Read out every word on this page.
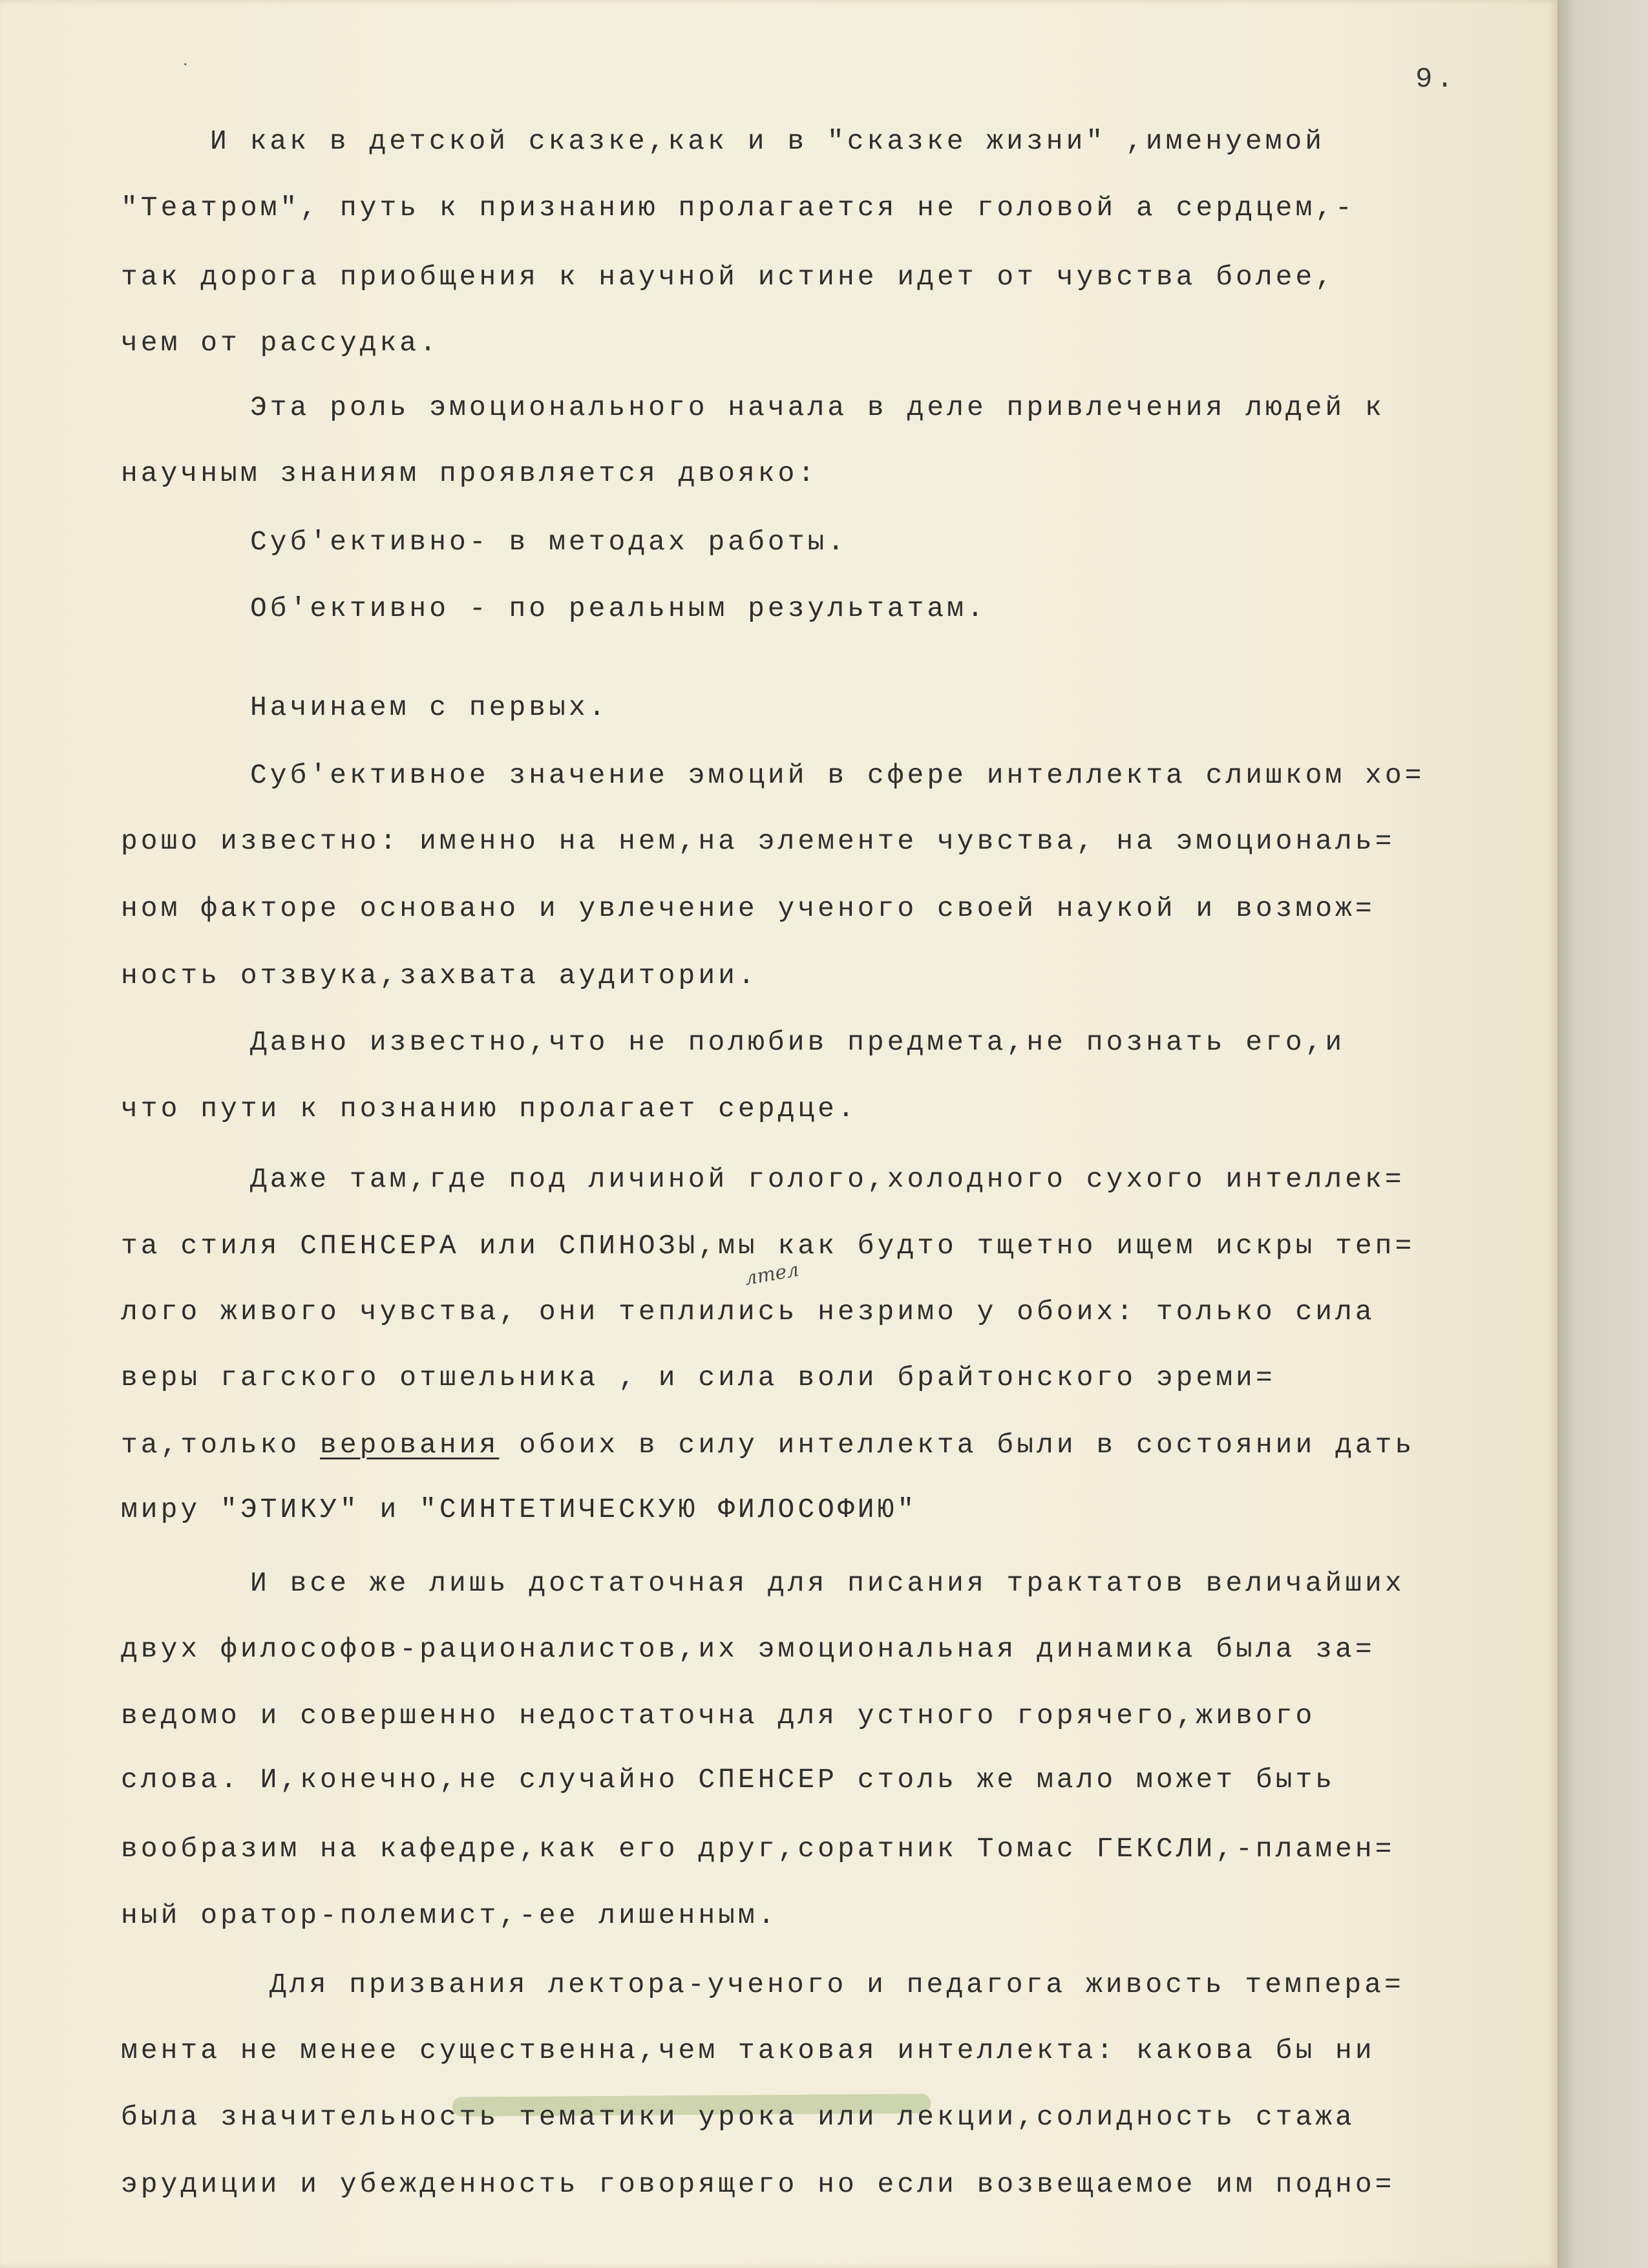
9.

И как в детской сказке,как и в "сказке жизни" ,именуемой

"Театром", путь к признанию пролагается не головой а сердцем,-

так дорога приобщения к научной истине идет от чувства более,

чем от рассудка.

Эта роль эмоционального начала в деле привлечения людей к

научным знаниям проявляется двояко:

Суб'ективно- в методах работы.

Об'ективно - по реальным результатам.

Начинаем с первых.

Суб'ективное значение эмоций в сфере интеллекта слишком хо=

рошо известно: именно на нем,на элементе чувства, на эмоциональ=

ном факторе основано и увлечение ученого своей наукой и возмож=

ность отзвука,захвата аудитории.

Давно известно,что не полюбив предмета,не познать его,и

что пути к познанию пролагает сердце.

Даже там,где под личиной голого,холодного сухого интеллек=

та стиля СПЕНСЕРА или СПИНОЗЫ,мы как будто тщетно ищем искры теп=

лтел

лого живого чувства, они теплились незримо у обоих: только сила

веры гагского отшельника , и сила воли брайтонского эреми=

та,только верования обоих в силу интеллекта были в состоянии дать

миру "ЭТИКУ" и "СИНТЕТИЧЕСКУЮ ФИЛОСОФИЮ"

И все же лишь достаточная для писания трактатов величайших

двух философов-рационалистов,их эмоциональная динамика была за=

ведомо и совершенно недостаточна для устного горячего,живого

слова. И,конечно,не случайно СПЕНСЕР столь же мало может быть

вообразим на кафедре,как его друг,соратник Томас ГЕКСЛИ,-пламен=

ный оратор-полемист,-ее лишенным.

Для призвания лектора-ученого и педагога живость темпера=

мента не менее существенна,чем таковая интеллекта: какова бы ни

была значительность тематики урока или лекции,солидность стажа

эрудиции и убежденность говорящего но если возвещаемое им подно=

·
